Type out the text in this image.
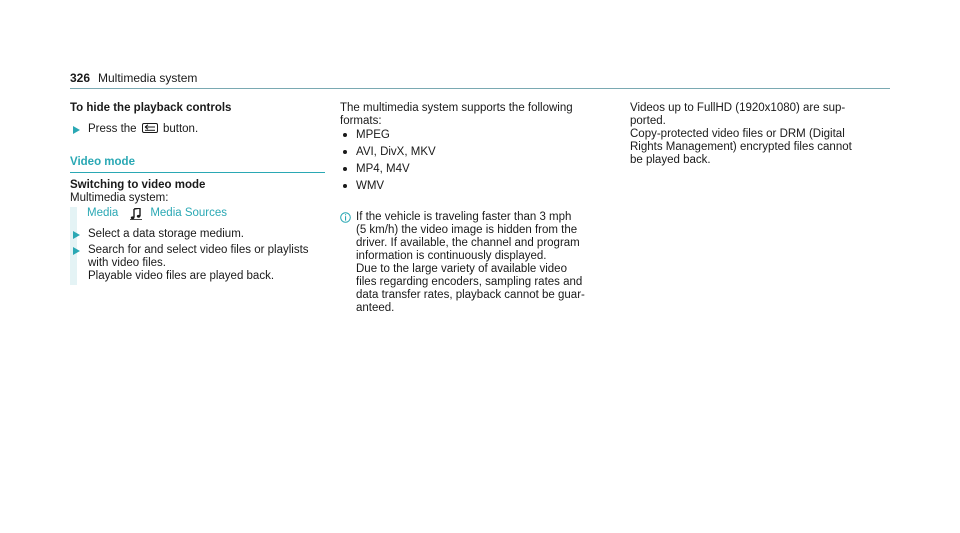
326 Multimedia system
To hide the playback controls
Press the button.
Video mode
Switching to video mode
Multimedia system:
Media	Media Sources
Select a data storage medium.
Search for and select video files or playlists
with video files.
Playable video files are played back.
The multimedia system supports the following
formats:
MPEG
AVI, DivX, MKV
MP4, M4V
WMV
If the vehicle is traveling faster than 3 mph
(5 km/h) the video image is hidden from the
driver. If available, the channel and program
information is continuously displayed.
Due to the large variety of available video
files regarding encoders, sampling rates and
data transfer rates, playback cannot be guar-
anteed.
Videos up to FullHD (1920x1080) are sup-
ported.
Copy-protected video files or DRM (Digital
Rights Management) encrypted files cannot
be played back.
